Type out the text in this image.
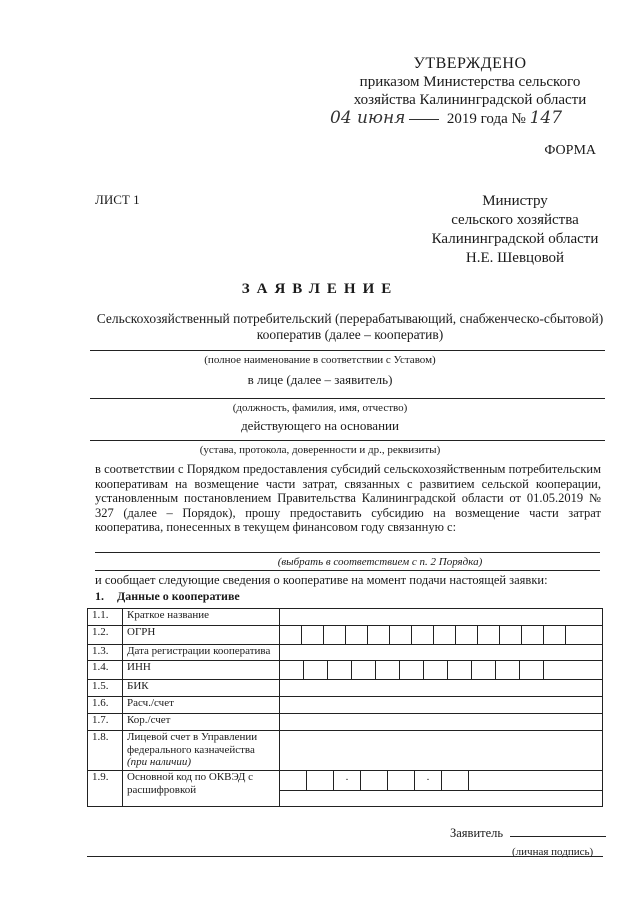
УТВЕРЖДЕНО
приказом Министерства сельского
хозяйства Калининградской области
04 июня	2019 года № 147
ФОРМА
ЛИСТ 1	Министру
сельского хозяйства
Калининградской области
Н.Е. Шевцовой
ЗАЯВЛЕНИЕ
Сельскохозяйственный потребительский (перерабатывающий, снабженческо-сбытовой) кооператив (далее – кооператив)
(полное наименование в соответствии с Уставом)
в лице (далее – заявитель)
(должность, фамилия, имя, отчество)
действующего на основании
(устава, протокола, доверенности и др., реквизиты)
в соответствии с Порядком предоставления субсидий сельскохозяйственным потребительским кооперативам на возмещение части затрат, связанных с развитием сельской кооперации, установленным постановлением Правительства Калининградской области от 01.05.2019 № 327 (далее – Порядок), прошу предоставить субсидию на возмещение части затрат кооператива, понесенных в текущем финансовом году связанную с:
(выбрать в соответствием с п. 2 Порядка)
и сообщает следующие сведения о кооперативе на момент подачи настоящей заявки:
1. Данные о кооперативе
1.1.	Краткое название	
1.2.	ОГРН	

1.3.	Дата регистрации кооператива	
1.4.	ИНН	

1.5.	БИК	
1.6.	Расч./счет	
1.7.	Кор./счет	
1.8.	Лицевой счет в Управлении федерального казначейства
(при наличии)	
1.9.	Основной код по ОКВЭД с расшифровкой	. .
Заявитель
(личная подпись)
